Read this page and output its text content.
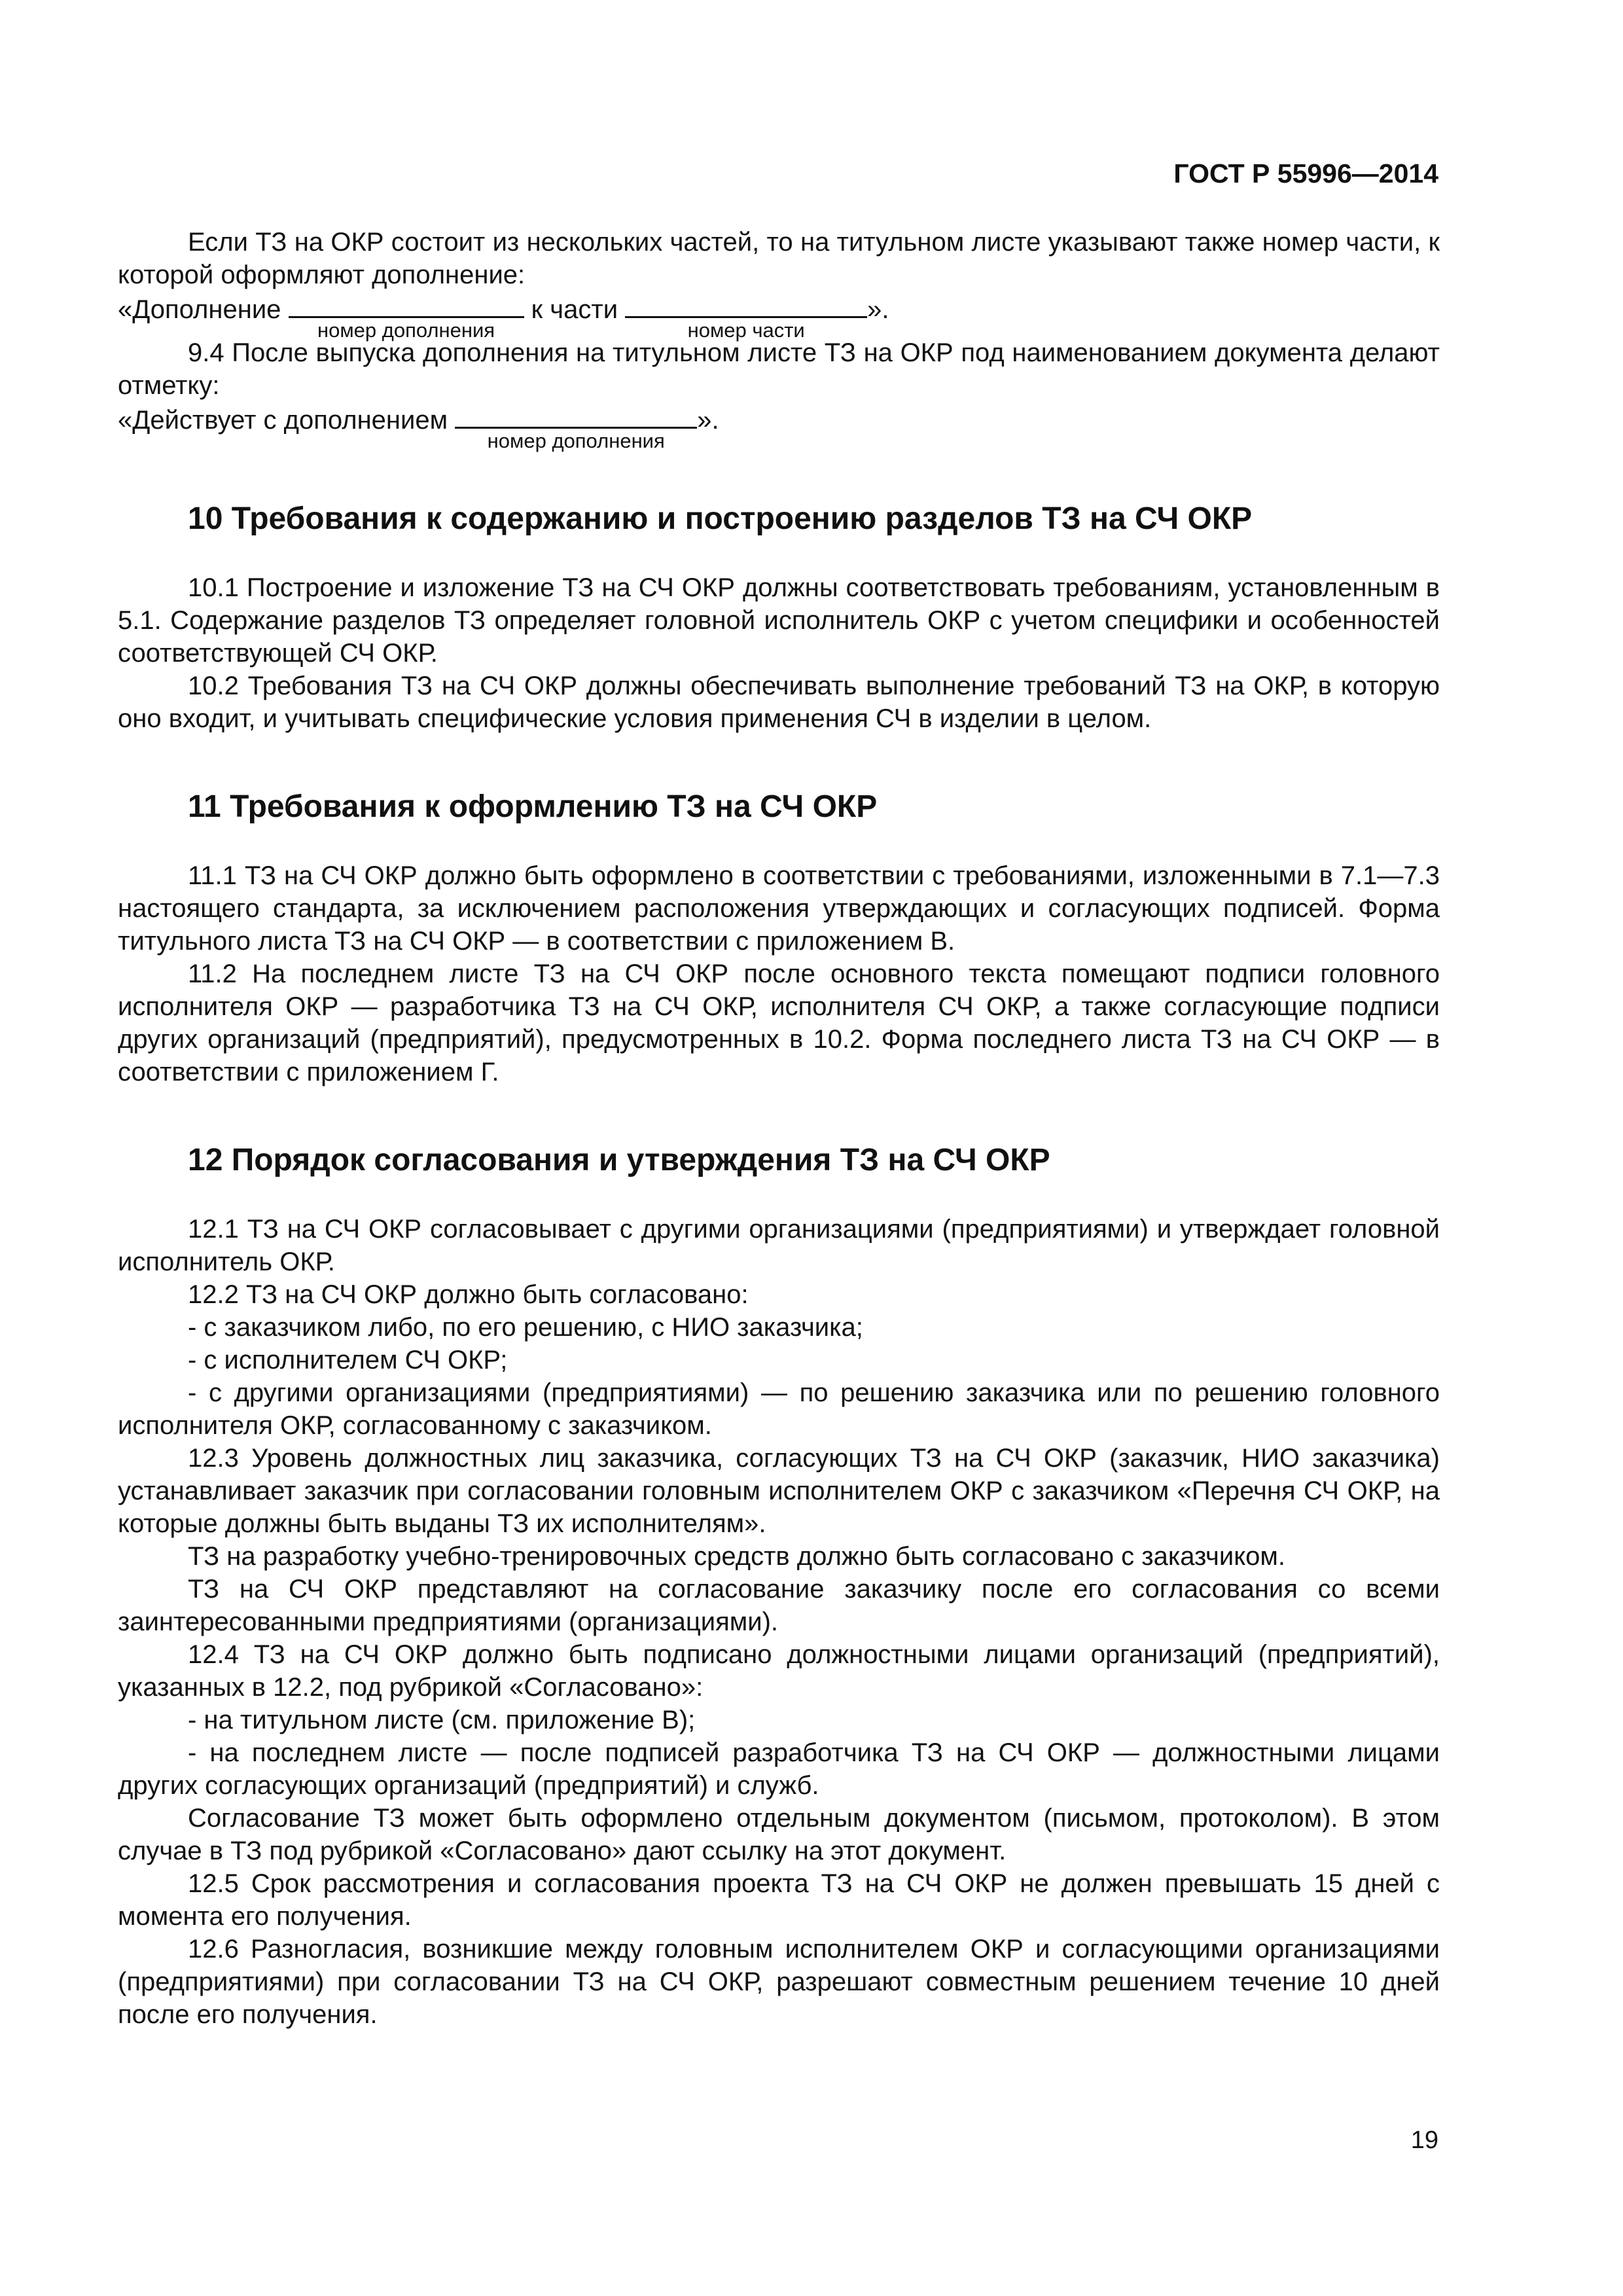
ГОСТ Р 55996—2014

Если ТЗ на ОКР состоит из нескольких частей, то на титульном листе указывают также номер части, к которой оформляют дополнение:

«Дополнение
номер дополнения
к части
номер части
».

9.4 После выпуска дополнения на титульном листе ТЗ на ОКР под наименованием документа делают отметку:

«Действует с дополнением
номер дополнения
».
10 Требования к содержанию и построению разделов ТЗ на СЧ ОКР

10.1 Построение и изложение ТЗ на СЧ ОКР должны соответствовать требованиям, установленным в 5.1. Содержание разделов ТЗ определяет головной исполнитель ОКР с учетом специфики и особенностей соответствующей СЧ ОКР.

10.2 Требования ТЗ на СЧ ОКР должны обеспечивать выполнение требований ТЗ на ОКР, в которую оно входит, и учитывать специфические условия применения СЧ в изделии в целом.

11 Требования к оформлению ТЗ на СЧ ОКР

11.1 ТЗ на СЧ ОКР должно быть оформлено в соответствии с требованиями, изложенными в 7.1—7.3 настоящего стандарта, за исключением расположения утверждающих и согласующих подписей. Форма титульного листа ТЗ на СЧ ОКР — в соответствии с приложением В.

11.2 На последнем листе ТЗ на СЧ ОКР после основного текста помещают подписи головного исполнителя ОКР — разработчика ТЗ на СЧ ОКР, исполнителя СЧ ОКР, а также согласующие подписи других организаций (предприятий), предусмотренных в 10.2. Форма последнего листа ТЗ на СЧ ОКР — в соответствии с приложением Г.

12 Порядок согласования и утверждения ТЗ на СЧ ОКР

12.1 ТЗ на СЧ ОКР согласовывает с другими организациями (предприятиями) и утверждает головной исполнитель ОКР.

12.2 ТЗ на СЧ ОКР должно быть согласовано:

- с заказчиком либо, по его решению, с НИО заказчика;

- с исполнителем СЧ ОКР;

- с другими организациями (предприятиями) — по решению заказчика или по решению головного исполнителя ОКР, согласованному с заказчиком.

12.3 Уровень должностных лиц заказчика, согласующих ТЗ на СЧ ОКР (заказчик, НИО заказчика) устанавливает заказчик при согласовании головным исполнителем ОКР с заказчиком «Перечня СЧ ОКР, на которые должны быть выданы ТЗ их исполнителям».

ТЗ на разработку учебно-тренировочных средств должно быть согласовано с заказчиком.

ТЗ на СЧ ОКР представляют на согласование заказчику после его согласования со всеми заинтересованными предприятиями (организациями).

12.4 ТЗ на СЧ ОКР должно быть подписано должностными лицами организаций (предприятий), указанных в 12.2, под рубрикой «Согласовано»:

- на титульном листе (см. приложение В);

- на последнем листе — после подписей разработчика ТЗ на СЧ ОКР — должностными лицами других согласующих организаций (предприятий) и служб.

Согласование ТЗ может быть оформлено отдельным документом (письмом, протоколом). В этом случае в ТЗ под рубрикой «Согласовано» дают ссылку на этот документ.

12.5 Срок рассмотрения и согласования проекта ТЗ на СЧ ОКР не должен превышать 15 дней с момента его получения.

12.6 Разногласия, возникшие между головным исполнителем ОКР и согласующими организациями (предприятиями) при согласовании ТЗ на СЧ ОКР, разрешают совместным решением течение 10 дней после его получения.

19
